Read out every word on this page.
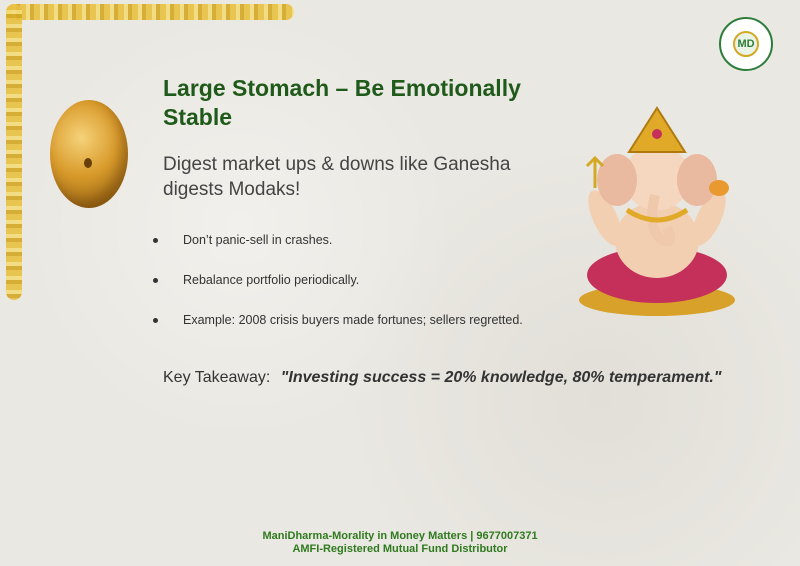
Large Stomach – Be Emotionally Stable
Digest market ups & downs like Ganesha digests Modaks!
Don’t panic-sell in crashes.
Rebalance portfolio periodically.
Example: 2008 crisis buyers made fortunes; sellers regretted.
Key Takeaway: "Investing success = 20% knowledge, 80% temperament."
MD
ManiDharma-Morality in Money Matters | 9677007371
AMFI-Registered Mutual Fund Distributor
